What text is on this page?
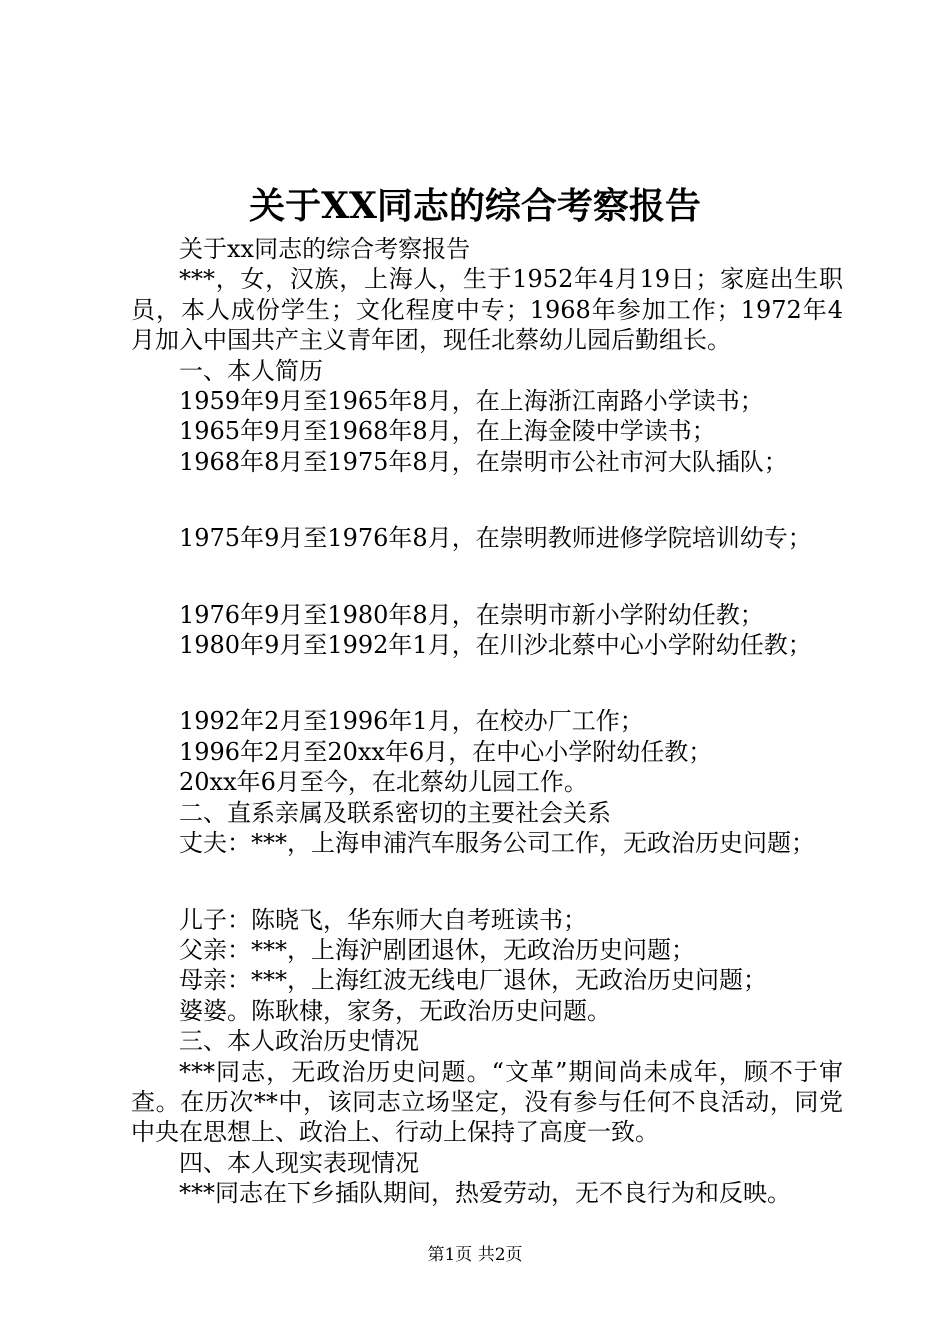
关于XX同志的综合考察报告

关于xx同志的综合考察报告

***，女，汉族，上海人，生于1952年4月19日；家庭出生职员，本人成份学生；文化程度中专；1968年参加工作；1972年4月加入中国共产主义青年团，现任北蔡幼儿园后勤组长。

一、本人简历

1959年9月至1965年8月，在上海浙江南路小学读书；

1965年9月至1968年8月，在上海金陵中学读书；

1968年8月至1975年8月，在崇明市公社市河大队插队；

1975年9月至1976年8月，在崇明教师进修学院培训幼专；

1976年9月至1980年8月，在崇明市新小学附幼任教；

1980年9月至1992年1月，在川沙北蔡中心小学附幼任教；

1992年2月至1996年1月，在校办厂工作；

1996年2月至20xx年6月，在中心小学附幼任教；

20xx年6月至今，在北蔡幼儿园工作。

二、直系亲属及联系密切的主要社会关系

丈夫：***，上海申浦汽车服务公司工作，无政治历史问题；

儿子：陈晓飞，华东师大自考班读书；

父亲：***，上海沪剧团退休，无政治历史问题；

母亲：***，上海红波无线电厂退休，无政治历史问题；

婆婆。陈耿棣，家务，无政治历史问题。

三、本人政治历史情况

***同志，无政治历史问题。“文革”期间尚未成年，顾不于审查。在历次**中，该同志立场坚定，没有参与任何不良活动，同党中央在思想上、政治上、行动上保持了高度一致。

四、本人现实表现情况

***同志在下乡插队期间，热爱劳动，无不良行为和反映。

第1页 共2页
